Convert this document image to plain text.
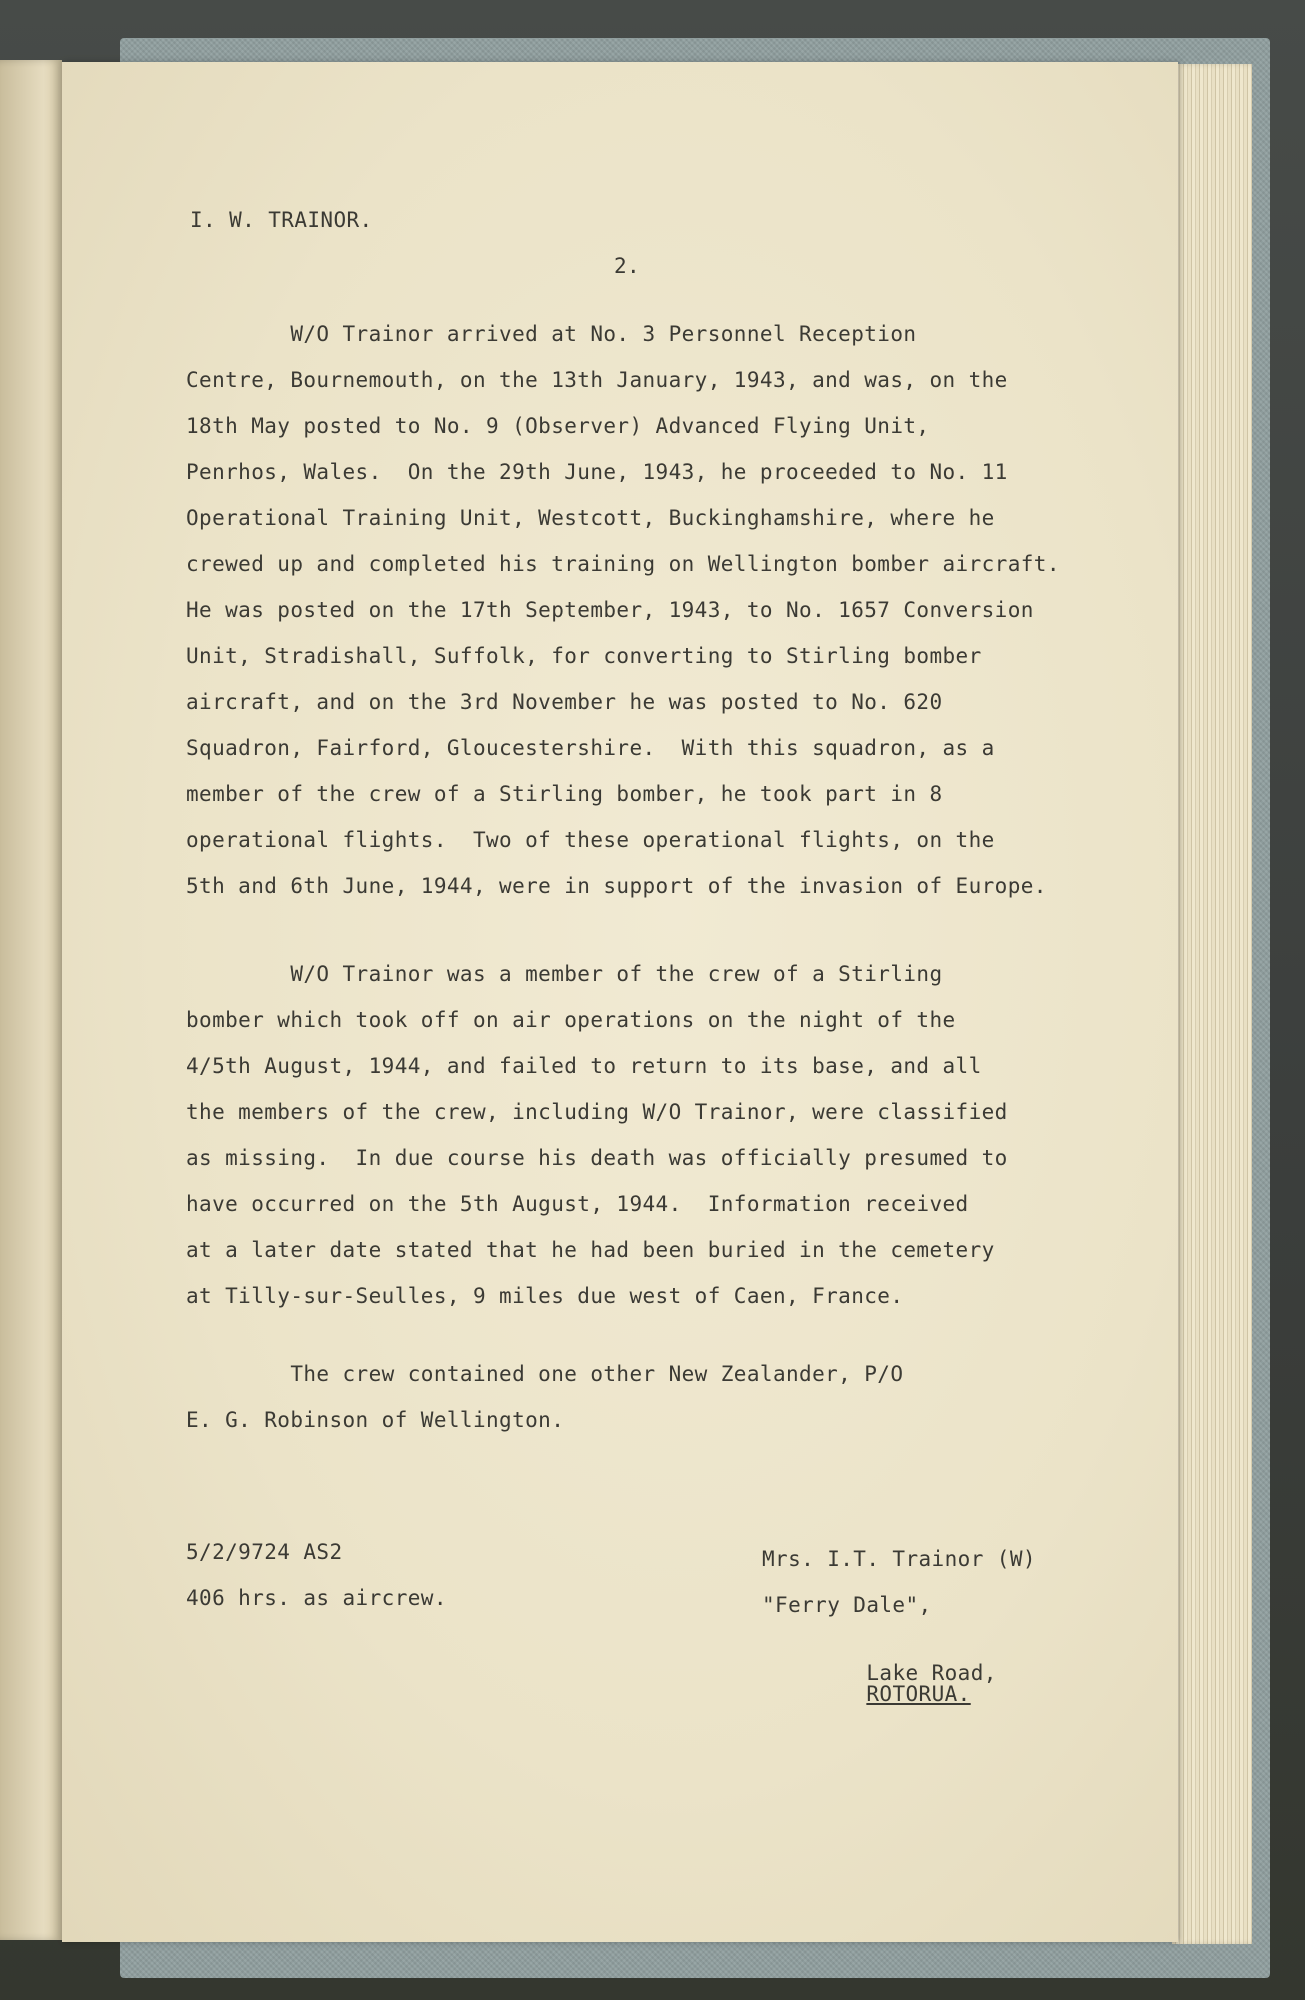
I. W. TRAINOR.
2.
W/O Trainor arrived at No. 3 Personnel Reception
Centre, Bournemouth, on the 13th January, 1943, and was, on the
18th May posted to No. 9 (Observer) Advanced Flying Unit,
Penrhos, Wales.  On the 29th June, 1943, he proceeded to No. 11
Operational Training Unit, Westcott, Buckinghamshire, where he
crewed up and completed his training on Wellington bomber aircraft.
He was posted on the 17th September, 1943, to No. 1657 Conversion
Unit, Stradishall, Suffolk, for converting to Stirling bomber
aircraft, and on the 3rd November he was posted to No. 620
Squadron, Fairford, Gloucestershire.  With this squadron, as a
member of the crew of a Stirling bomber, he took part in 8
operational flights.  Two of these operational flights, on the
5th and 6th June, 1944, were in support of the invasion of Europe.
W/O Trainor was a member of the crew of a Stirling
bomber which took off on air operations on the night of the
4/5th August, 1944, and failed to return to its base, and all
the members of the crew, including W/O Trainor, were classified
as missing.  In due course his death was officially presumed to
have occurred on the 5th August, 1944.  Information received
at a later date stated that he had been buried in the cemetery
at Tilly-sur-Seulles, 9 miles due west of Caen, France.
The crew contained one other New Zealander, P/O
E. G. Robinson of Wellington.
5/2/9724 AS2
406 hrs. as aircrew.
Mrs. I.T. Trainor (W)
"Ferry Dale",

Lake Road,
ROTORUA.
